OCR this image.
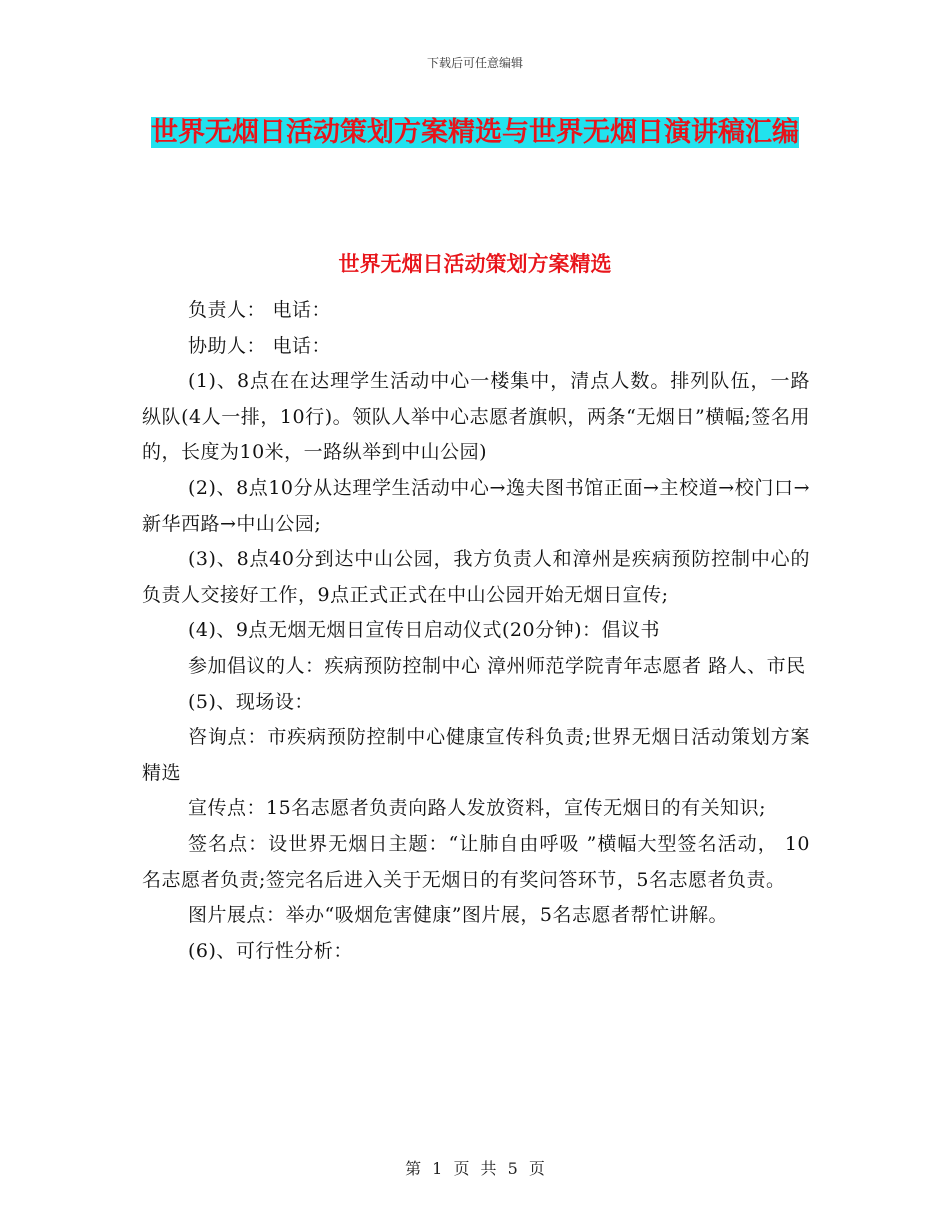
下载后可任意编辑
世界无烟日活动策划方案精选与世界无烟日演讲稿汇编
世界无烟日活动策划方案精选

负责人： 电话：

协助人： 电话：

(1)、8点在在达理学生活动中心一楼集中，清点人数。排列队伍，一路纵队(4人一排，10行)。领队人举中心志愿者旗帜，两条“无烟日”横幅;签名用的，长度为10米，一路纵举到中山公园)

(2)、8点10分从达理学生活动中心→逸夫图书馆正面→主校道→校门口→新华西路→中山公园;

(3)、8点40分到达中山公园，我方负责人和漳州是疾病预防控制中心的负责人交接好工作，9点正式正式在中山公园开始无烟日宣传;

(4)、9点无烟无烟日宣传日启动仪式(20分钟)：倡议书

参加倡议的人：疾病预防控制中心 漳州师范学院青年志愿者 路人、市民

(5)、现场设：

咨询点：市疾病预防控制中心健康宣传科负责;世界无烟日活动策划方案精选

宣传点：15名志愿者负责向路人发放资料，宣传无烟日的有关知识;

签名点：设世界无烟日主题：“让肺自由呼吸 ”横幅大型签名活动， 10名志愿者负责;签完名后进入关于无烟日的有奖问答环节，5名志愿者负责。

图片展点：举办“吸烟危害健康”图片展，5名志愿者帮忙讲解。

(6)、可行性分析：

第 1 页 共 5 页
